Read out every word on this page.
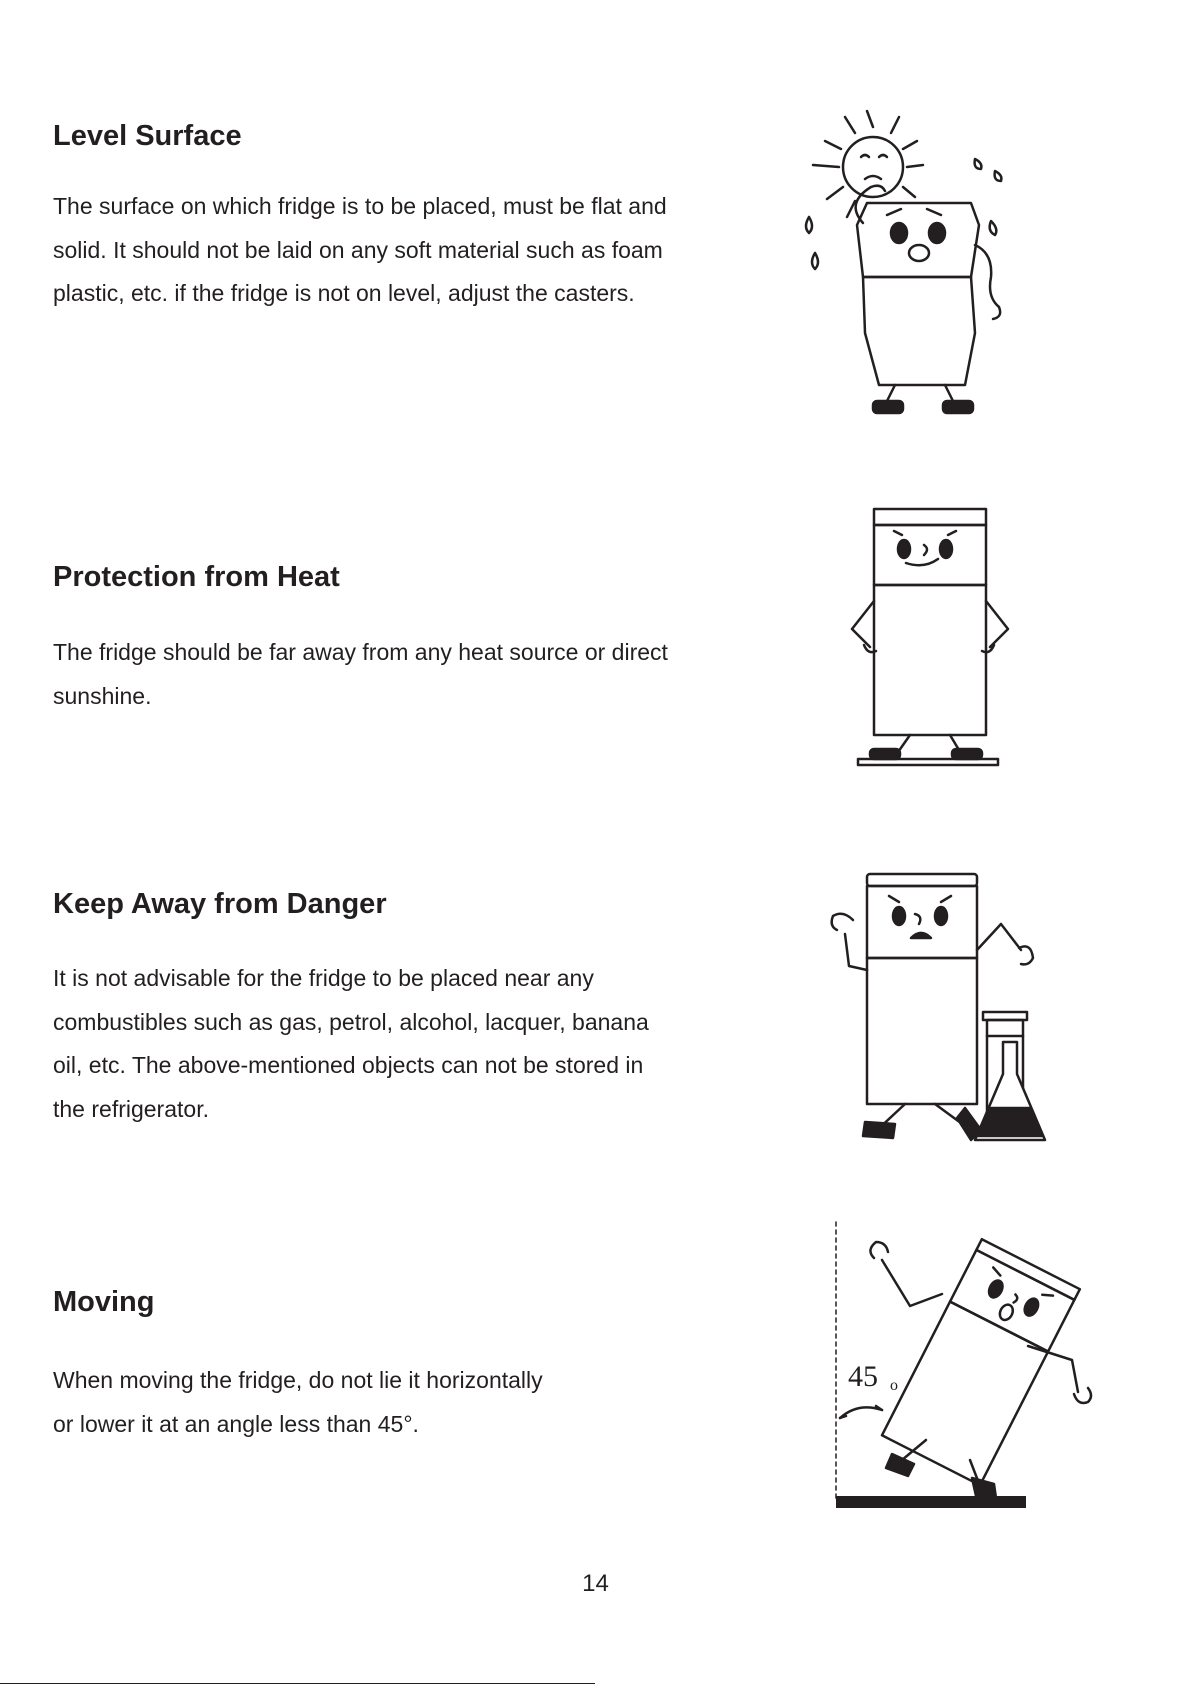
Level Surface

The surface on which fridge is to be placed, must be flat and
solid. It should not be laid on any soft material such as foam
plastic, etc. if the fridge is not on level, adjust the casters.

Protection from Heat

The fridge should be far away from any heat source or direct
sunshine.

Keep Away from Danger

It is not advisable for the fridge to be placed near any
combustibles such as gas, petrol, alcohol, lacquer, banana
oil, etc. The above-mentioned objects can not be stored in
the refrigerator.

Moving

When moving the fridge, do not lie it horizontally
or lower it at an angle less than 45°.

45 o

14
